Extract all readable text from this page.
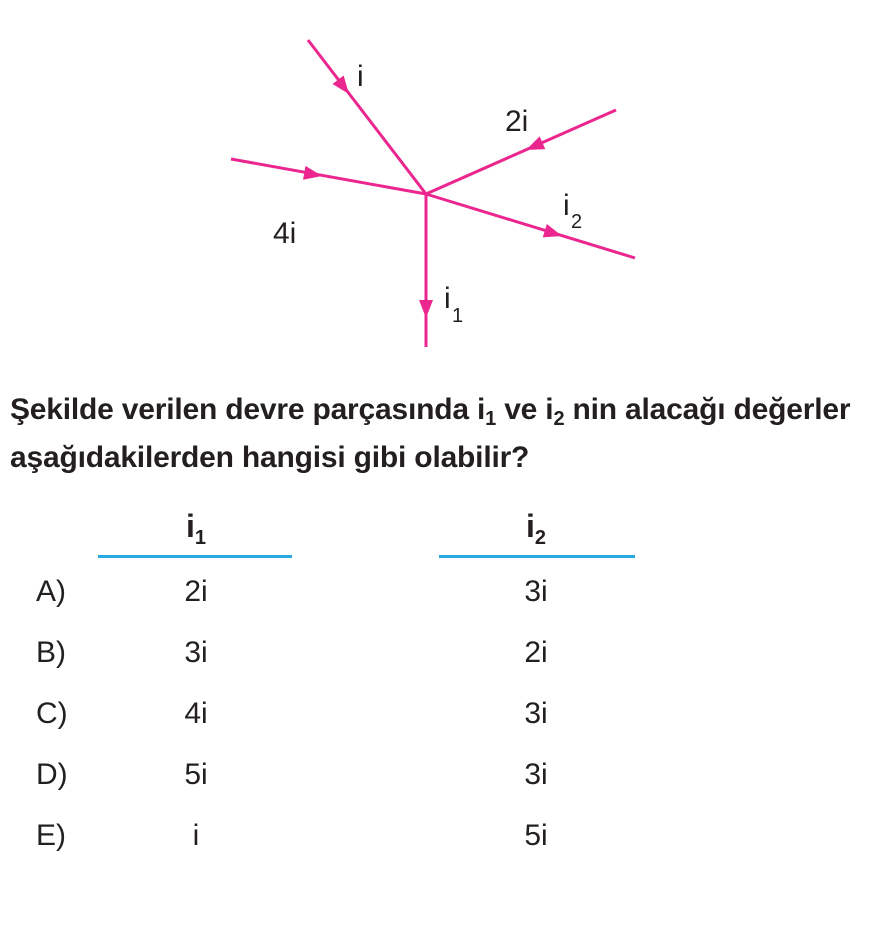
i
2i
4i
i 2
i
1
Şekilde verilen devre parçasında $i_1$ ve $i_2$ nin alacağı değerler aşağıdakilerden hangisi gibi olabilir?
$i_1$	$i_2$
A)	2i	3i
B)	3i	2i
C)	4i	3i
D)	5i	3i
E)	i	5i
